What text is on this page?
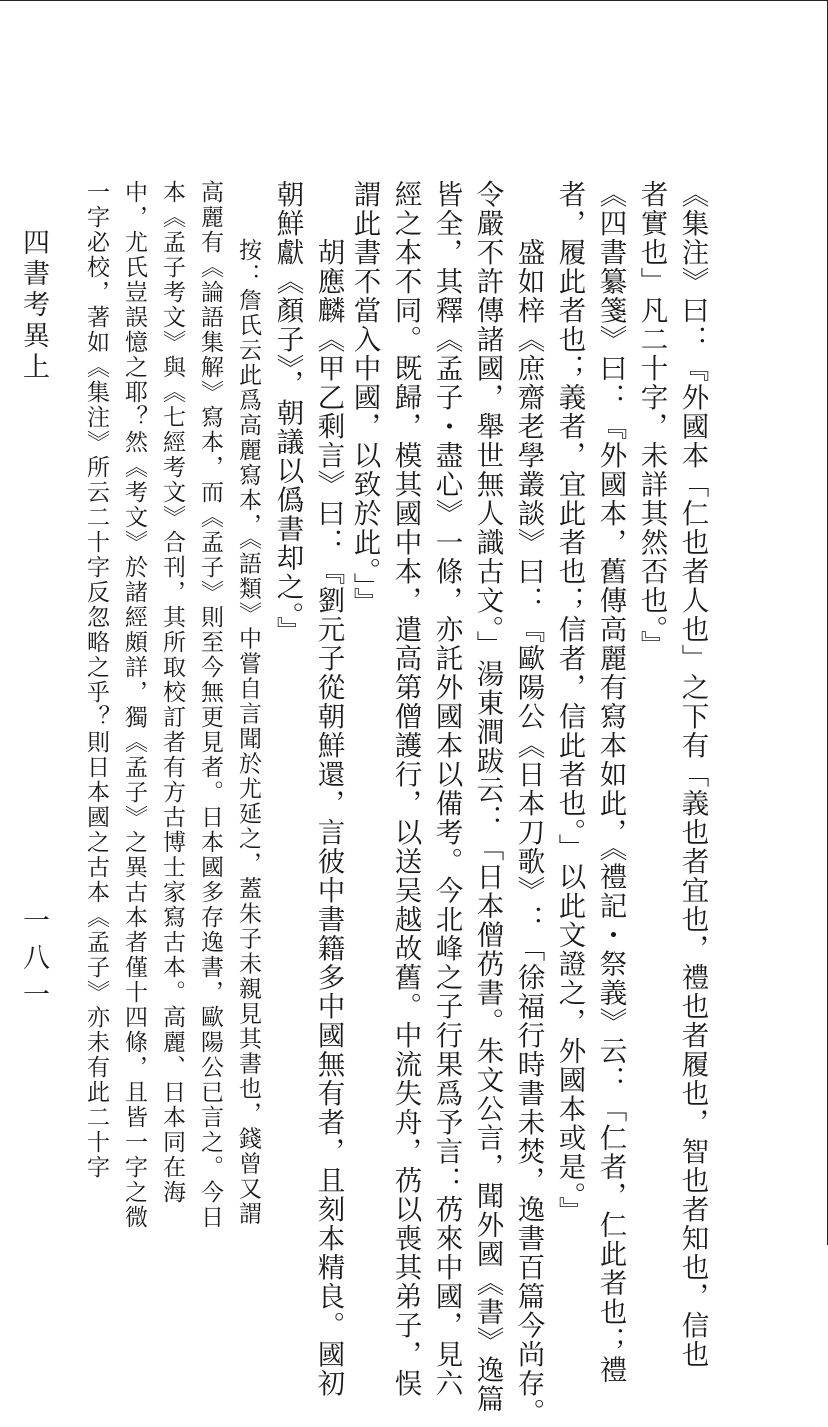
《集注》曰：『外國本「仁也者人也」之下有「義也者宜也，禮也者履也，智也者知也，信也
者實也」凡二十字，未詳其然否也。』
《四書纂箋》曰：『外國本，舊傳高麗有寫本如此，《禮記・祭義》云：「仁者，仁此者也；禮
者，履此者也；義者，宜此者也；信者，信此者也。」以此文證之，外國本或是。』
盛如梓《庶齋老學叢談》曰：『歐陽公《日本刀歌》：「徐福行時書未焚，逸書百篇今尚存。
令嚴不許傳諸國，舉世無人識古文。」湯東澗跋云：「日本僧芿書。朱文公言，聞外國《書》逸篇
皆全，其釋《孟子・盡心》一條，亦託外國本以備考。今北峰之子行果爲予言：芿來中國，見六
經之本不同。既歸，模其國中本，遣高第僧護行，以送吴越故舊。中流失舟，芿以喪其弟子，悮
謂此書不當入中國，以致於此。」』
胡應麟《甲乙剩言》曰：『劉元子從朝鮮還，言彼中書籍多中國無有者，且刻本精良。國初
朝鮮獻《顏子》，朝議以僞書却之。』
按：詹氏云此爲高麗寫本，《語類》中嘗自言聞於尤延之，蓋朱子未親見其書也，錢曾又謂
高麗有《論語集解》寫本，而《孟子》則至今無更見者。日本國多存逸書，歐陽公已言之。今日
本《孟子考文》與《七經考文》合刊，其所取校訂者有方古博士家寫古本。高麗、日本同在海
中，尤氏豈誤憶之耶？然《考文》於諸經頗詳，獨《孟子》之異古本者僅十四條，且皆一字之微
一字必校，著如《集注》所云二十字反忽略之乎？則日本國之古本《孟子》亦未有此二十字
四書考異上
一八一
